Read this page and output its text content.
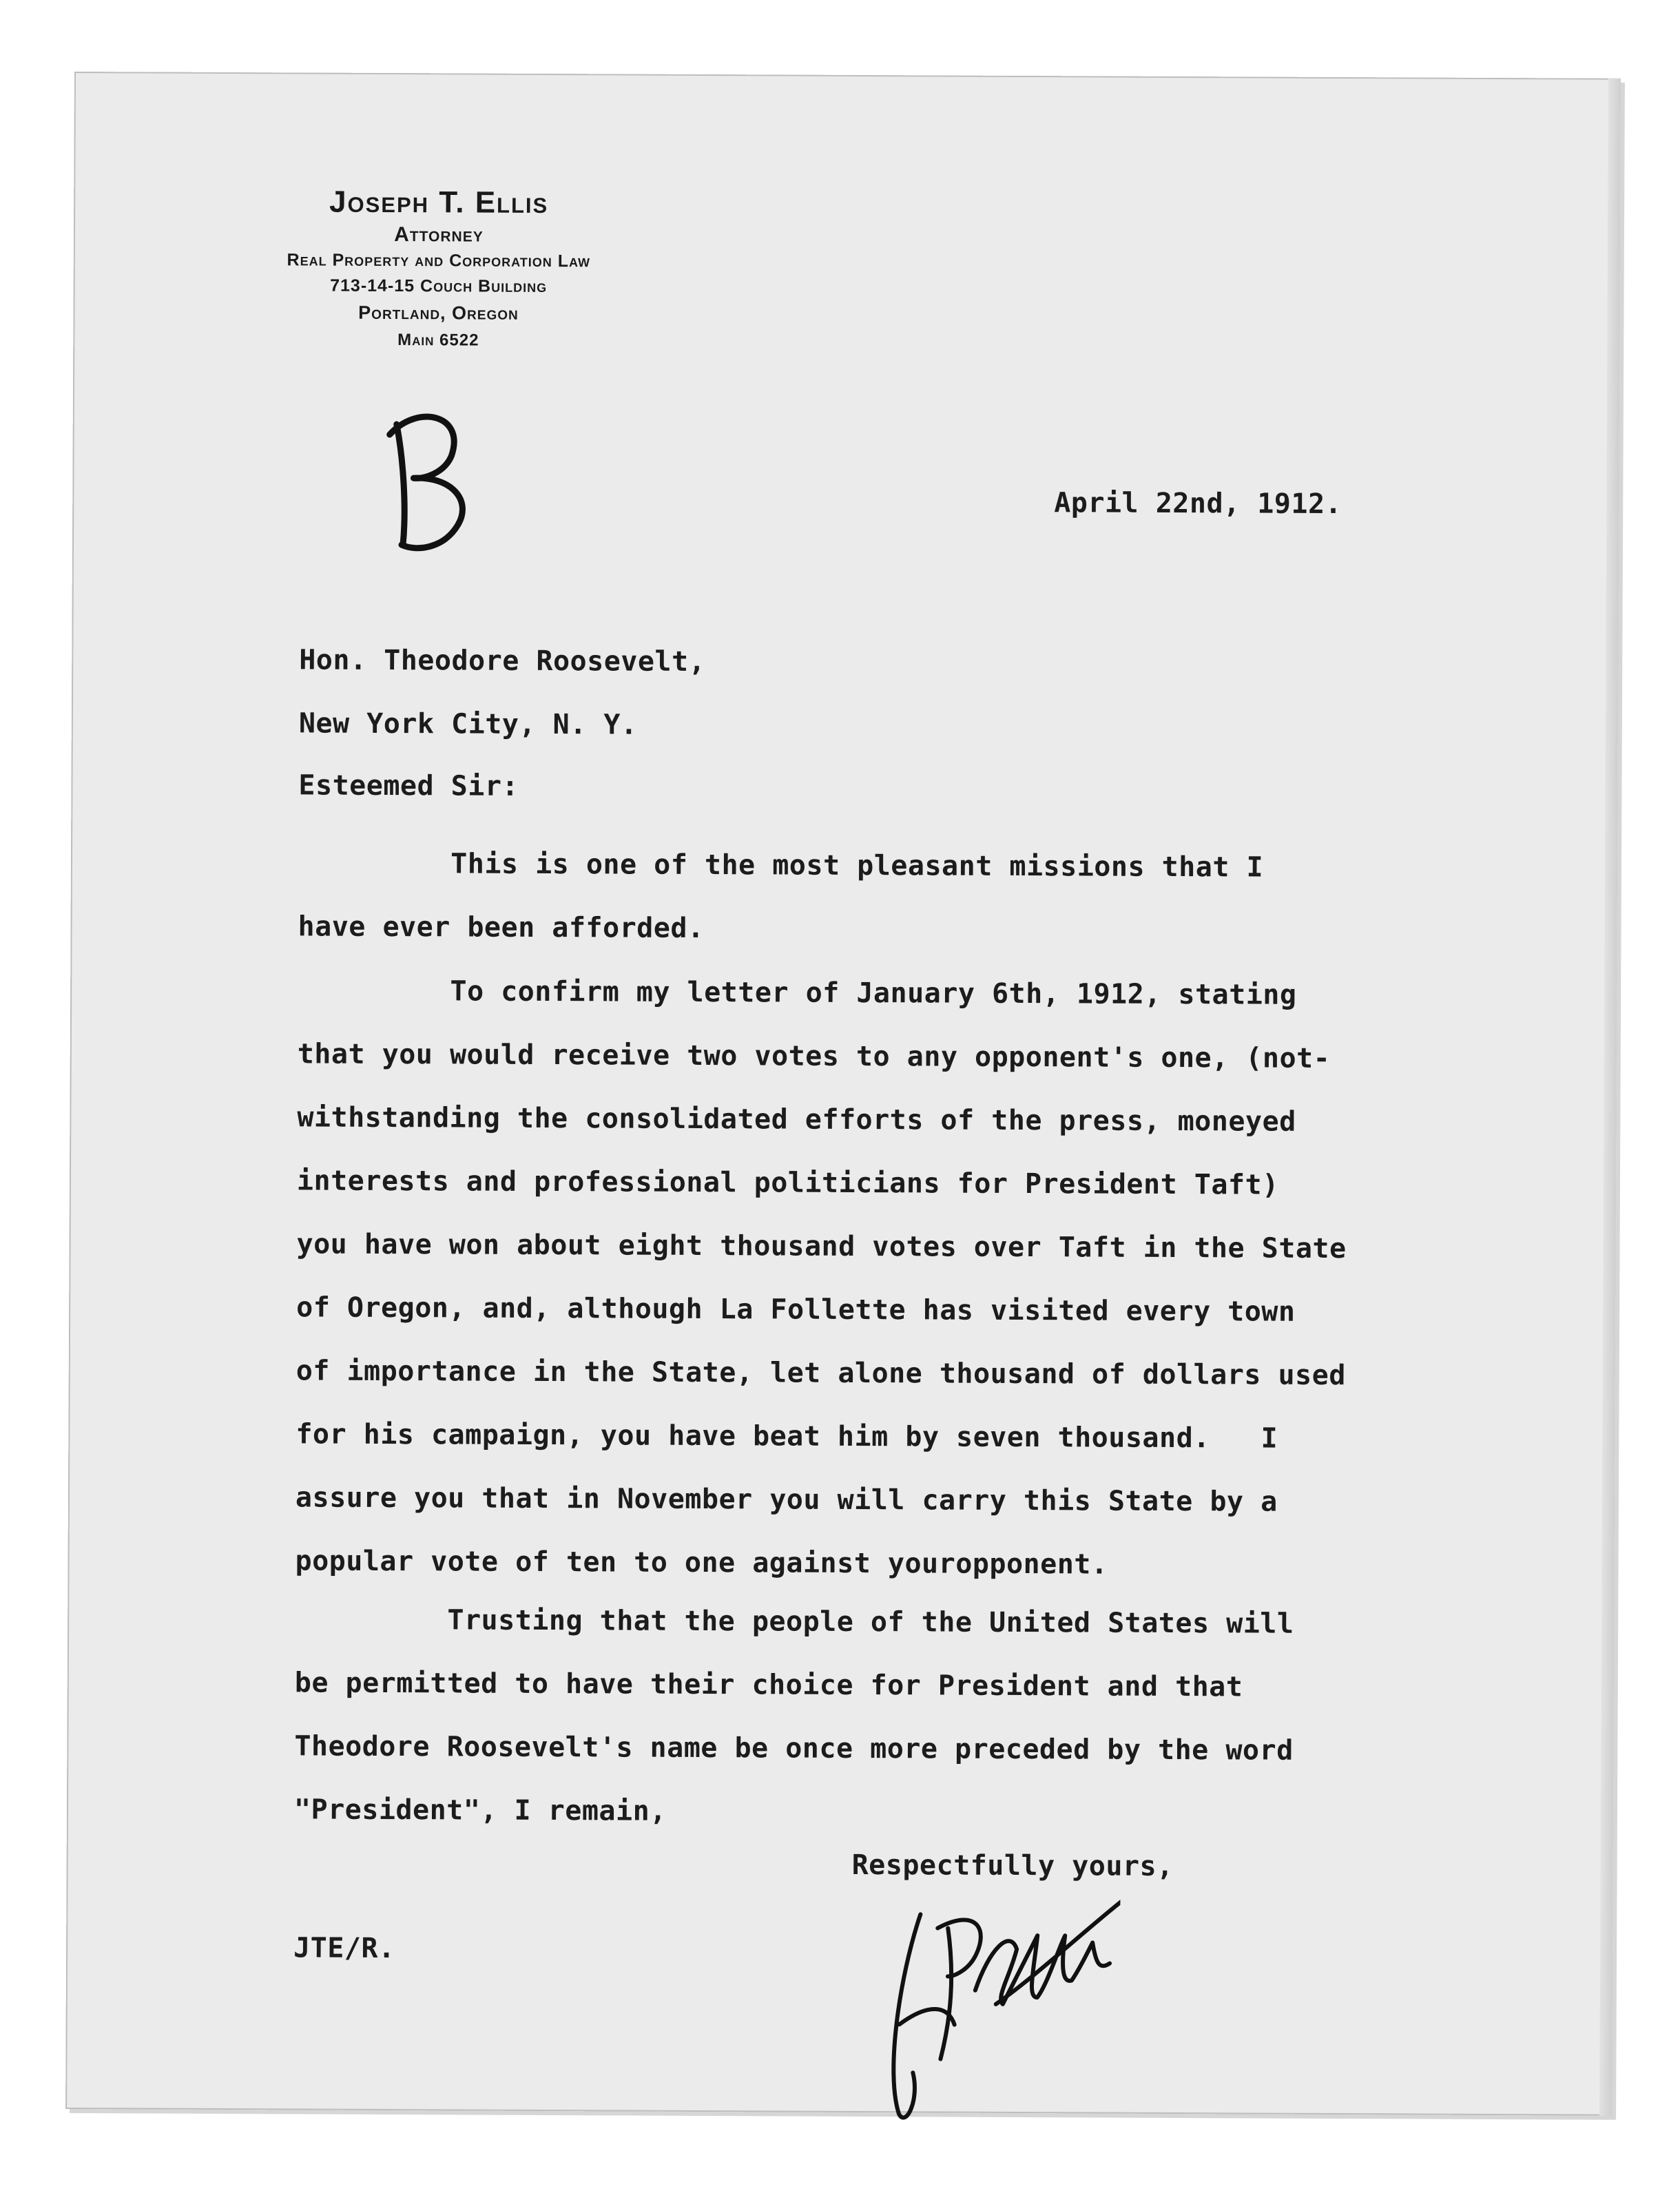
Joseph T. Ellis
Attorney
Real Property and Corporation Law
713-14-15 Couch Building
Portland, Oregon
Main 6522
April 22nd, 1912.
Hon. Theodore Roosevelt,
New York City, N. Y.
Esteemed Sir:
This is one of the most pleasant missions that I
have ever been afforded.
To confirm my letter of January 6th, 1912, stating
that you would receive two votes to any opponent's one, (not-
withstanding the consolidated efforts of the press, moneyed
interests and professional politicians for President Taft)
you have won about eight thousand votes over Taft in the State
of Oregon, and, although La Follette has visited every town
of importance in the State, let alone thousand of dollars used
for his campaign, you have beat him by seven thousand.   I
assure you that in November you will carry this State by a
popular vote of ten to one against youropponent.
Trusting that the people of the United States will
be permitted to have their choice for President and that
Theodore Roosevelt's name be once more preceded by the word
"President", I remain,
Respectfully yours,
JTE/R.
